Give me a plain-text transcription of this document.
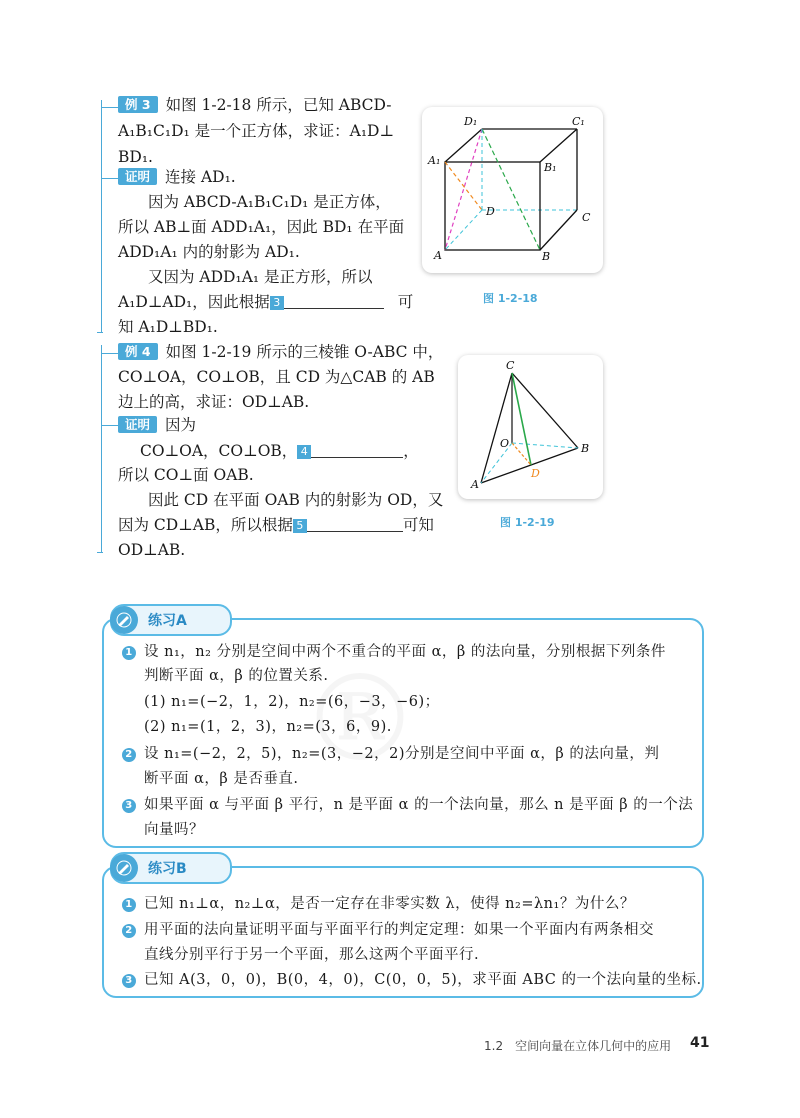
例 3 如图 1-2-18 所示，已知 ABCD-
A₁B₁C₁D₁ 是一个正方体，求证：A₁D⊥
BD₁.
证明 连接 AD₁.
因为 ABCD-A₁B₁C₁D₁ 是正方体，
所以 AB⊥面 ADD₁A₁，因此 BD₁ 在平面
ADD₁A₁ 内的射影为 AD₁.
又因为 ADD₁A₁ 是正方形，所以
A₁D⊥AD₁，因此根据 3	可
知 A₁D⊥BD₁.
D₁	C₁
A₁
B₁
D	C
A	B
图 1-2-18
例 4 如图 1-2-19 所示的三棱锥 O-ABC 中，
CO⊥OA，CO⊥OB，且 CD 为△CAB 的 AB
边上的高，求证：OD⊥AB.
证明 因为
CO⊥OA，CO⊥OB， 4	，
所以 CO⊥面 OAB.
因此 CD 在平面 OAB 内的射影为 OD，又
因为 CD⊥AB，所以根据 5	可知
OD⊥AB.
C
O	B
A
D
图 1-2-19
练习A
1 设 n₁，n₂ 分别是空间中两个不重合的平面 α，β 的法向量，分别根据下列条件
判断平面 α，β 的位置关系.
(1) n₁=(−2，1，2)，n₂=(6，−3，−6)；
(2) n₁=(1，2，3)，n₂=(3，6，9).
2 设 n₁=(−2，2，5)，n₂=(3，−2，2)分别是空间中平面 α，β 的法向量，判
断平面 α，β 是否垂直.
3 如果平面 α 与平面 β 平行，n 是平面 α 的一个法向量，那么 n 是平面 β 的一个法
向量吗？
练习B
1 已知 n₁⊥α，n₂⊥α，是否一定存在非零实数 λ，使得 n₂=λn₁？为什么？
2 用平面的法向量证明平面与平面平行的判定定理：如果一个平面内有两条相交
直线分别平行于另一个平面，那么这两个平面平行.
3 已知 A(3，0，0)，B(0，4，0)，C(0，0，5)，求平面 ABC 的一个法向量的坐标.
1.2　空间向量在立体几何中的应用 41
